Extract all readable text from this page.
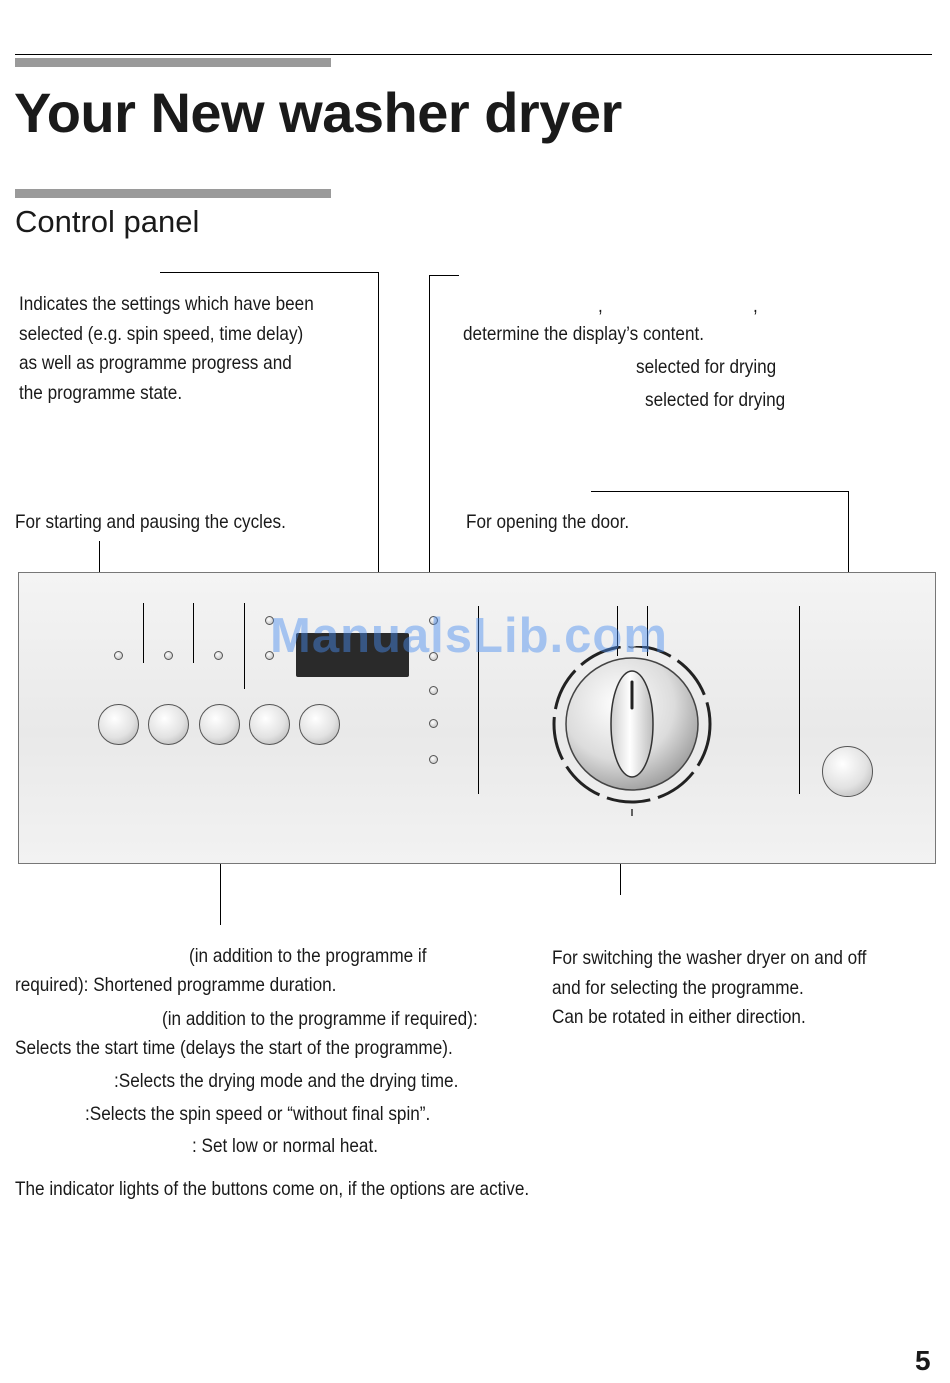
Your New washer dryer
Control panel
Indicates the settings which have been
selected (e.g. spin speed, time delay)
as well as programme progress and
the programme state.
,	,
determine the display’s content.
selected for drying
selected for drying
For starting and pausing the cycles.	For opening the door.
ManualsLib.com
(in addition to the programme if
required): Shortened programme duration.
(in addition to the programme if required):
Selects the start time (delays the start of the programme).
:Selects the drying mode and the drying time.
:Selects the spin speed or “without final spin”.
: Set low or normal heat.
For switching the washer dryer on and off
and for selecting the programme.
Can be rotated in either direction.
The indicator lights of the buttons come on, if the options are active.
5
